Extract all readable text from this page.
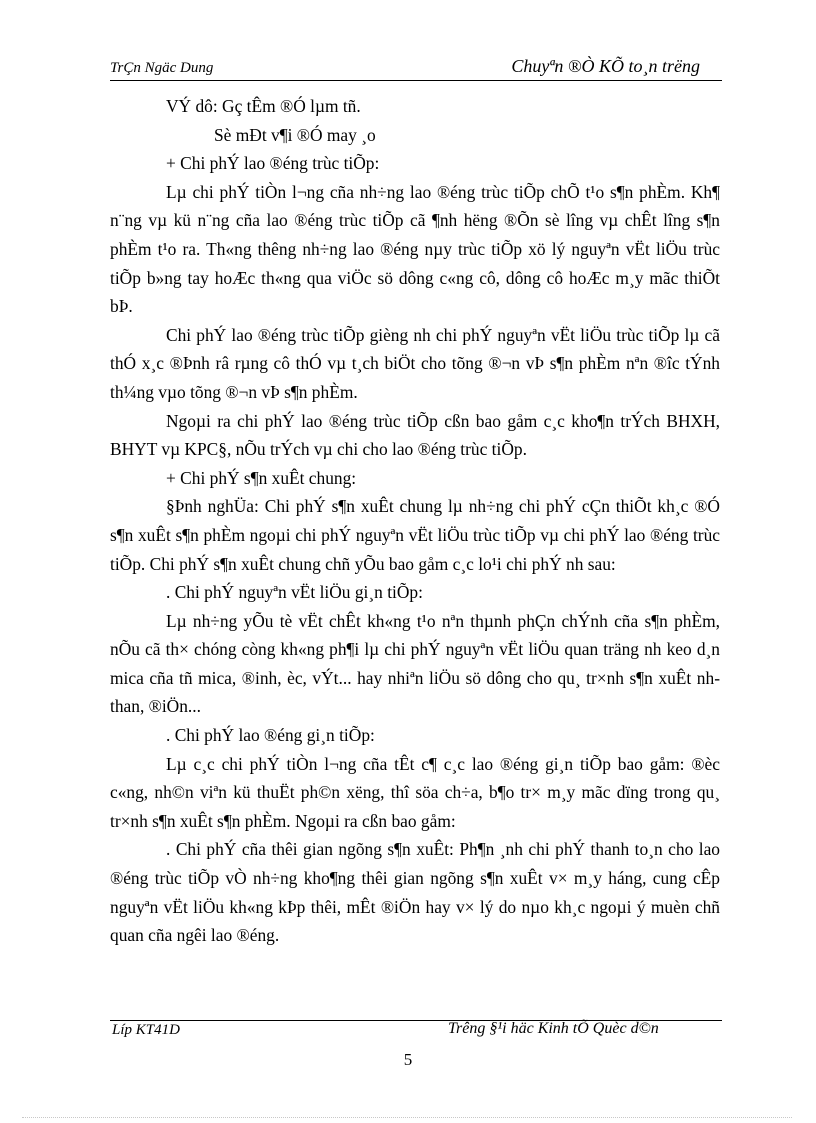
TrÇn Ngäc Dung	Chuyªn ®Ò KÕ to¸n trëng

VÝ dô: Gç tÊm ®Ó lµm tñ.

Sè mÐt v¶i ®Ó may ¸o

+ Chi phÝ lao ®éng trùc tiÕp:

Lµ chi phÝ tiÒn l¬ng cña nh÷ng lao ®éng trùc tiÕp chÕ t¹o s¶n phÈm. Kh¶ n¨ng vµ kü n¨ng cña lao ®éng trùc tiÕp cã ¶nh hëng ®Õn sè lîng vµ chÊt lîng s¶n phÈm t¹o ra. Th«ng thêng nh÷ng lao ®éng nµy trùc tiÕp xö lý nguyªn vËt liÖu trùc tiÕp b»ng tay hoÆc th«ng qua viÖc sö dông c«ng cô, dông cô hoÆc m¸y mãc thiÕt bÞ.

Chi phÝ lao ®éng trùc tiÕp gièng nh chi phÝ nguyªn vËt liÖu trùc tiÕp lµ cã thÓ x¸c ®Þnh râ rµng cô thÓ vµ t¸ch biÖt cho tõng ®¬n vÞ s¶n phÈm nªn ®îc tÝnh th¼ng vµo tõng ®¬n vÞ s¶n phÈm.

Ngoµi ra chi phÝ lao ®éng trùc tiÕp cßn bao gåm c¸c kho¶n trÝch BHXH, BHYT vµ KPC§, nÕu trÝch vµ chi cho lao ®éng trùc tiÕp.

+ Chi phÝ s¶n xuÊt chung:

§Þnh nghÜa: Chi phÝ s¶n xuÊt chung lµ nh÷ng chi phÝ cÇn thiÕt kh¸c ®Ó s¶n xuÊt s¶n phÈm ngoµi chi phÝ nguyªn vËt liÖu trùc tiÕp vµ chi phÝ lao ®éng trùc tiÕp. Chi phÝ s¶n xuÊt chung chñ yÕu bao gåm c¸c lo¹i chi phÝ nh sau:

. Chi phÝ nguyªn vËt liÖu gi¸n tiÕp:

Lµ nh÷ng yÕu tè vËt chÊt kh«ng t¹o nªn thµnh phÇn chÝnh cña s¶n phÈm, nÕu cã th× chóng còng kh«ng ph¶i lµ chi phÝ nguyªn vËt liÖu quan träng nh keo d¸n mica cña tñ mica, ®inh, èc, vÝt... hay nhiªn liÖu sö dông cho qu¸ tr×nh s¶n xuÊt nh than, ®iÖn...

. Chi phÝ lao ®éng gi¸n tiÕp:

Lµ c¸c chi phÝ tiÒn l¬ng cña tÊt c¶ c¸c lao ®éng gi¸n tiÕp bao gåm: ®èc c«ng, nh©n viªn kü thuËt ph©n xëng, thî söa ch÷a, b¶o tr× m¸y mãc dïng trong qu¸ tr×nh s¶n xuÊt s¶n phÈm. Ngoµi ra cßn bao gåm:

. Chi phÝ cña thêi gian ngõng s¶n xuÊt: Ph¶n ¸nh chi phÝ thanh to¸n cho lao ®éng trùc tiÕp vÒ nh÷ng kho¶ng thêi gian ngõng s¶n xuÊt v× m¸y háng, cung cÊp nguyªn vËt liÖu kh«ng kÞp thêi, mÊt ®iÖn hay v× lý do nµo kh¸c ngoµi ý muèn chñ quan cña ngêi lao ®éng.

Líp KT41D	Trêng §¹i häc Kinh tÕ Quèc d©n
5
